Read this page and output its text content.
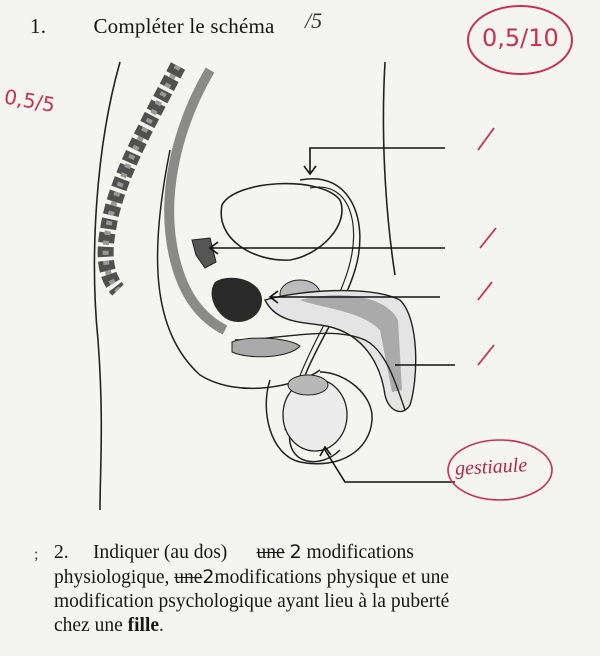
1. Compléter le schéma /5
0,5/10
0,5/5
gestiaule
; 2. Indiquer (au dos) une 2 modifications
physiologique, une2modifications physique et une
modification psychologique ayant lieu à la puberté
chez une fille.
